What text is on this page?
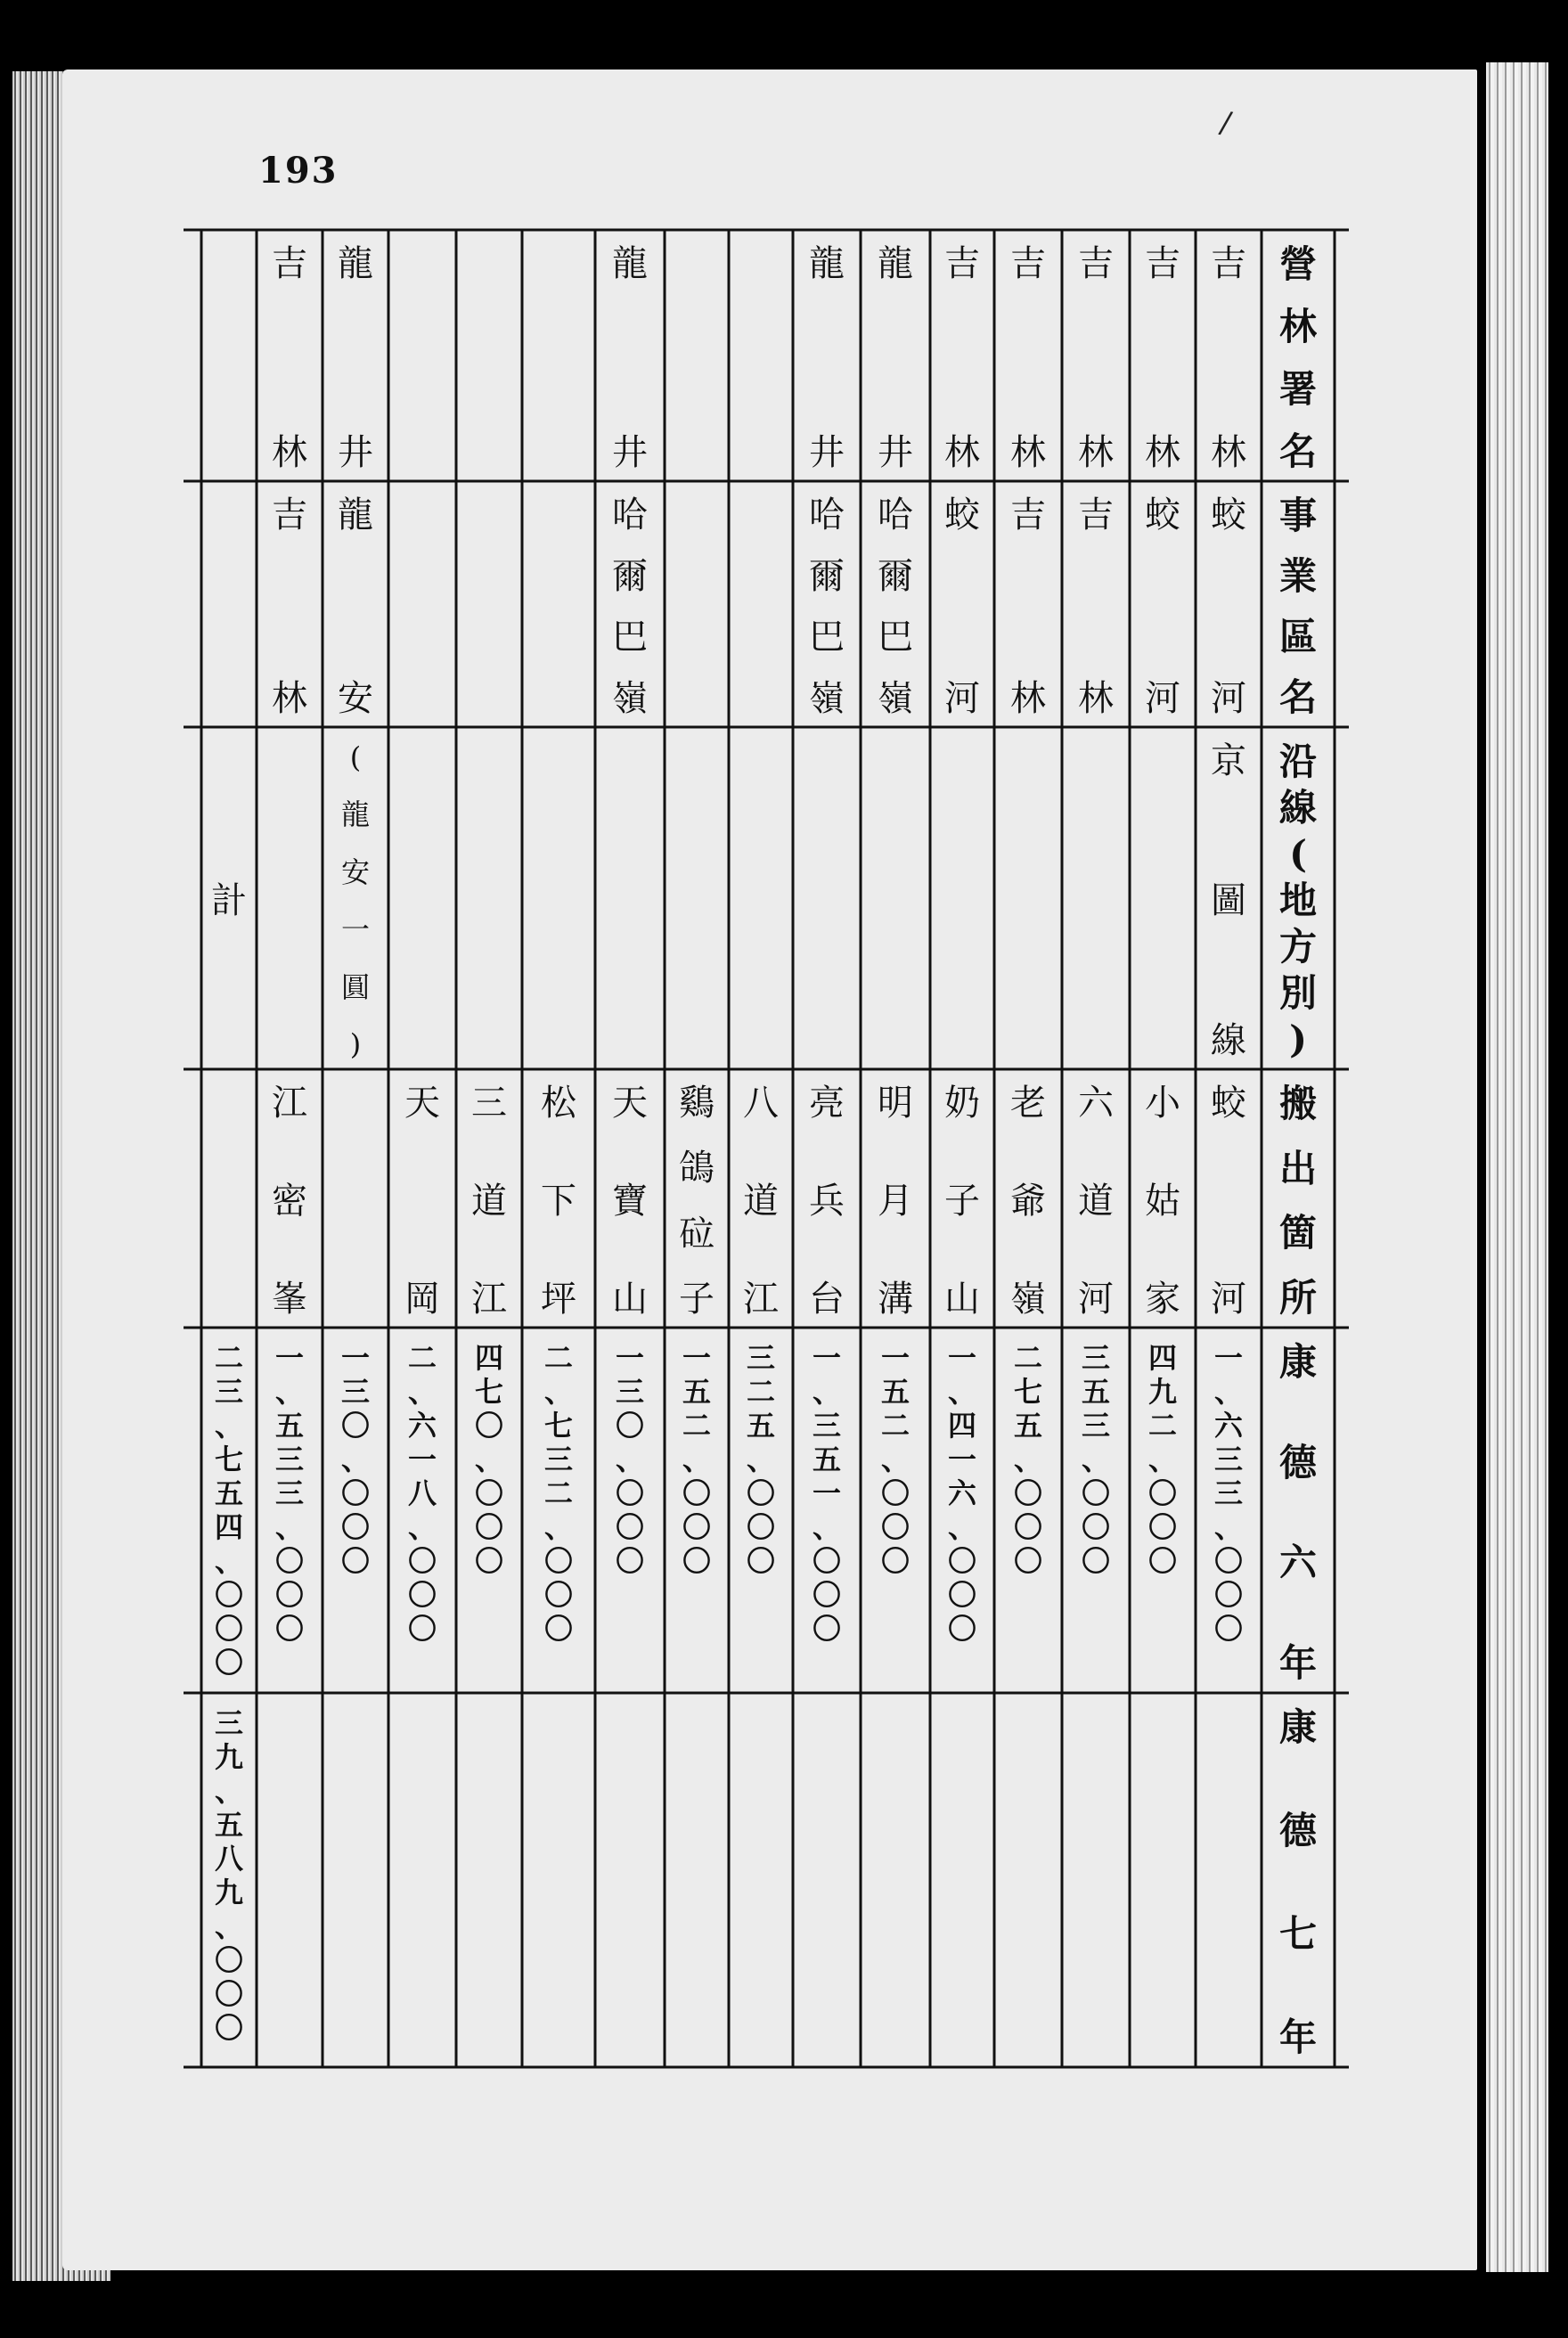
193
/
營
林
署
名
事
業
區
名
沿
線
(
地
方
別
)
搬
出
箇
所
康
德
六
年
康
德
七
年
吉
林
蛟
河
京
圖
線
蛟
河
一
、
六
三
三
、
〇
〇
〇
吉
林
蛟
河
小
姑
家
四
九
二
、
〇
〇
〇
吉
林
吉
林
六
道
河
三
五
三
、
〇
〇
〇
吉
林
吉
林
老
爺
嶺
二
七
五
、
〇
〇
〇
吉
林
蛟
河
奶
子
山
一
、
四
一
六
、
〇
〇
〇
龍
井
哈
爾
巴
嶺
明
月
溝
一
五
二
、
〇
〇
〇
龍
井
哈
爾
巴
嶺
亮
兵
台
一
、
三
五
一
、
〇
〇
〇
八
道
江
三
二
五
、
〇
〇
〇
鷄
鴿
砬
子
一
五
二
、
〇
〇
〇
龍
井
哈
爾
巴
嶺
天
寶
山
一
三
〇
、
〇
〇
〇
松
下
坪
二
、
七
三
二
、
〇
〇
〇
三
道
江
四
七
〇
、
〇
〇
〇
天
岡
二
、
六
一
八
、
〇
〇
〇
龍
井
龍
安
(
龍
安
一
圓
)
一
三
〇
、
〇
〇
〇
吉
林
吉
林
江
密
峯
一
、
五
三
三
、
〇
〇
〇
計
二
三
、
七
五
四
、
〇
〇
〇
三
九
、
五
八
九
、
〇
〇
〇
